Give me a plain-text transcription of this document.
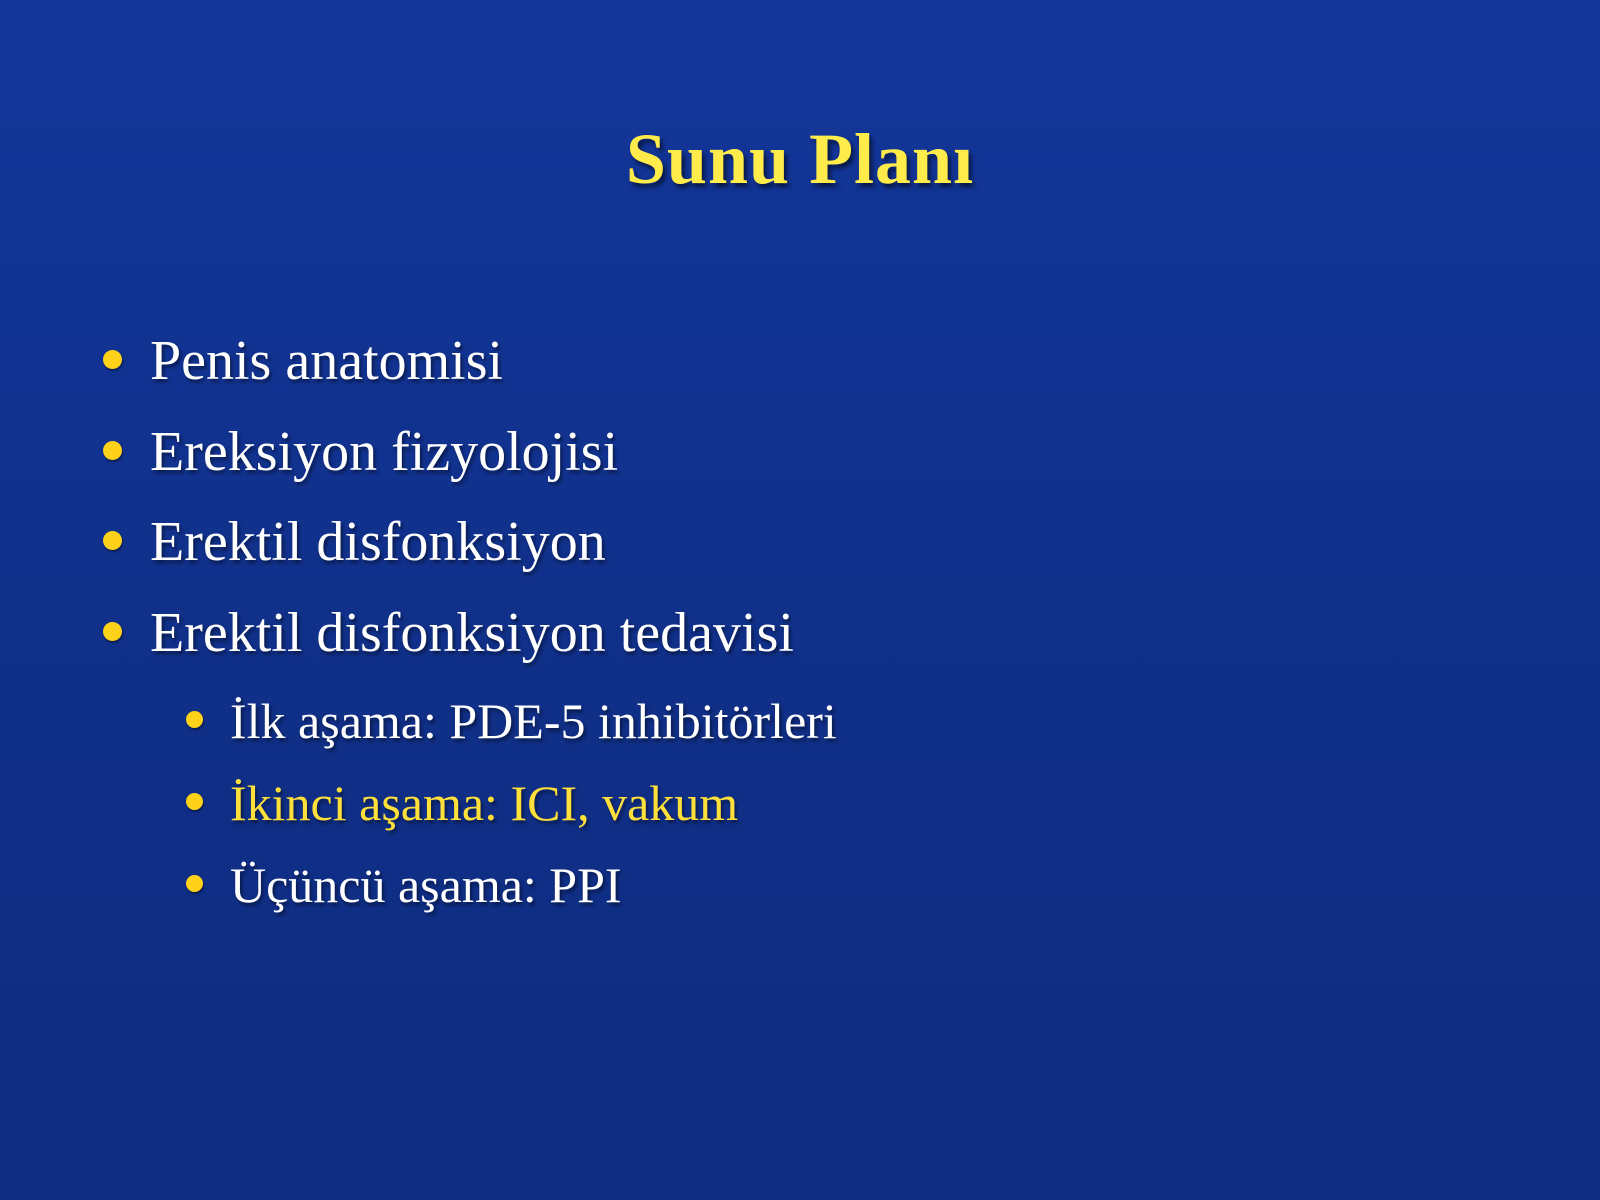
Sunu Planı
Penis anatomisi
Ereksiyon fizyolojisi
Erektil disfonksiyon
Erektil disfonksiyon tedavisi
İlk aşama: PDE-5 inhibitörleri
İkinci aşama: ICI, vakum
Üçüncü aşama: PPI
